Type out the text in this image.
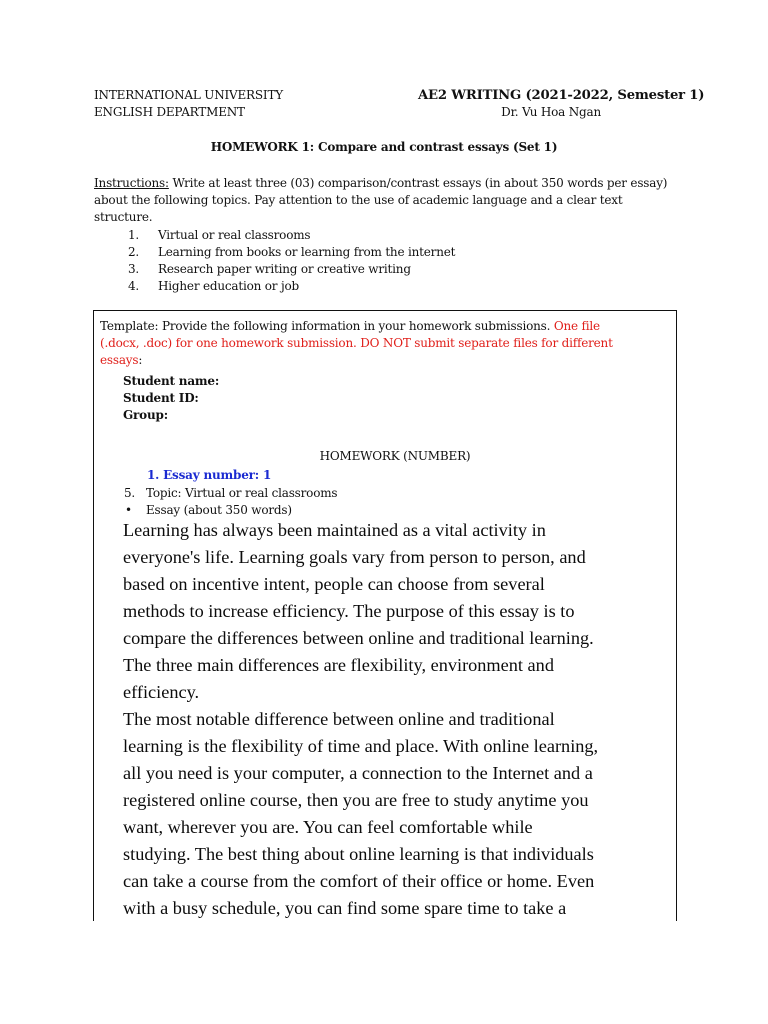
INTERNATIONAL UNIVERSITY
ENGLISH DEPARTMENT
AE2 WRITING (2021-2022, Semester 1)
Dr. Vu Hoa Ngan
HOMEWORK 1: Compare and contrast essays (Set 1)
Instructions: Write at least three (03) comparison/contrast essays (in about 350 words per essay) about the following topics. Pay attention to the use of academic language and a clear text structure.
1. Virtual or real classrooms
2. Learning from books or learning from the internet
3. Research paper writing or creative writing
4. Higher education or job
Template: Provide the following information in your homework submissions. One file
(.docx, .doc) for one homework submission. DO NOT submit separate files for different
essays:
Student name:
Student ID:
Group:
HOMEWORK (NUMBER)
1. Essay number: 1
5. Topic: Virtual or real classrooms
• Essay (about 350 words)
Learning has always been maintained as a vital activity in
everyone's life. Learning goals vary from person to person, and
based on incentive intent, people can choose from several
methods to increase efficiency. The purpose of this essay is to
compare the differences between online and traditional learning.
The three main differences are flexibility, environment and
efficiency.
The most notable difference between online and traditional
learning is the flexibility of time and place. With online learning,
all you need is your computer, a connection to the Internet and a
registered online course, then you are free to study anytime you
want, wherever you are. You can feel comfortable while
studying. The best thing about online learning is that individuals
can take a course from the comfort of their office or home. Even
with a busy schedule, you can find some spare time to take a
